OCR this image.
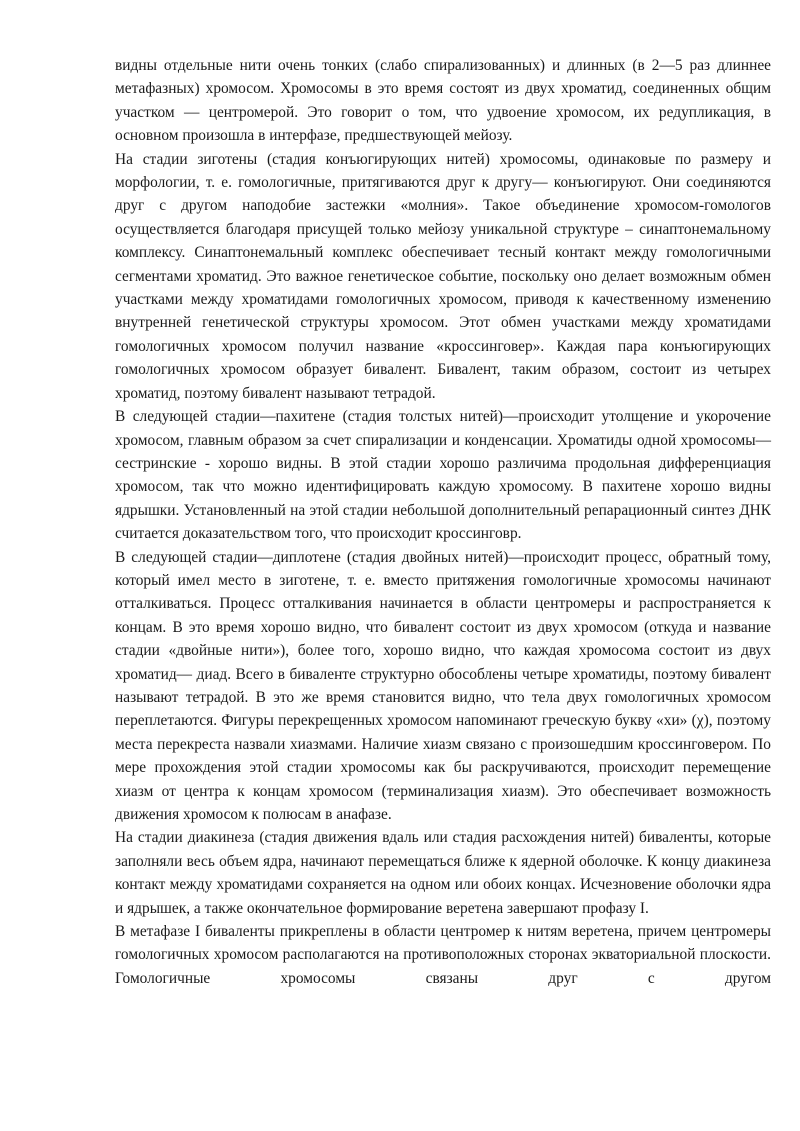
видны отдельные нити очень тонких (слабо спирализованных) и длинных (в 2—5 раз длиннее метафазных) хромосом. Хромосомы в это время состоят из двух хроматид, соединенных общим участком — центромерой. Это говорит о том, что удвоение хромосом, их редупликация, в основном произошла в интерфазе, предшествующей мейозу.

На стадии зиготены (стадия конъюгирующих нитей) хромосомы, одинаковые по размеру и морфологии, т. е. гомологичные, притягиваются друг к другу— конъюгируют. Они соединяются друг с другом наподобие застежки «молния». Такое объединение хромосом-гомологов осуществляется благодаря присущей только мейозу уникальной структуре – синаптонемальному комплексу. Синаптонемальный комплекс обеспечивает тесный контакт между гомологичными сегментами хроматид. Это важное генетическое событие, поскольку оно делает возможным обмен участками между хроматидами гомологичных хромосом, приводя к качественному изменению внутренней генетической структуры хромосом. Этот обмен участками между хроматидами гомологичных хромосом получил название «кроссинговер». Каждая пара конъюгирующих гомологичных хромосом образует бивалент. Бивалент, таким образом, состоит из четырех хроматид, поэтому бивалент называют тетрадой.

В следующей стадии—пахитене (стадия толстых нитей)—происходит утолщение и укорочение хромосом, главным образом за счет спирализации и конденсации. Хроматиды одной хромосомы—сестринские - хорошо видны. В этой стадии хорошо различима продольная дифференциация хромосом, так что можно идентифицировать каждую хромосому. В пахитене хорошо видны ядрышки. Установленный на этой стадии небольшой дополнительный репарационный синтез ДНК считается доказательством того, что происходит кроссинговр.

В следующей стадии—диплотене (стадия двойных нитей)—происходит процесс, обратный тому, который имел место в зиготене, т. е. вместо притяжения гомологичные хромосомы начинают отталкиваться. Процесс отталкивания начинается в области центромеры и распространяется к концам. В это время хорошо видно, что бивалент состоит из двух хромосом (откуда и название стадии «двойные нити»), более того, хорошо видно, что каждая хромосома состоит из двух хроматид— диад. Всего в биваленте структурно обособлены четыре хроматиды, поэтому бивалент называют тетрадой. В это же время становится видно, что тела двух гомологичных хромосом переплетаются. Фигуры перекрещенных хромосом напоминают греческую букву «хи» (χ), поэтому места перекреста назвали хиазмами. Наличие хиазм связано с произошедшим кроссинговером. По мере прохождения этой стадии хромосомы как бы раскручиваются, происходит перемещение хиазм от центра к концам хромосом (терминализация хиазм). Это обеспечивает возможность движения хромосом к полюсам в анафазе.

На стадии диакинеза (стадия движения вдаль или стадия расхождения нитей) биваленты, которые заполняли весь объем ядра, начинают перемещаться ближе к ядерной оболочке. К концу диакинеза контакт между хроматидами сохраняется на одном или обоих концах. Исчезновение оболочки ядра и ядрышек, а также окончательное формирование веретена завершают профазу I.

В метафазе I биваленты прикреплены в области центромер к нитям веретена, причем центромеры гомологичных хромосом располагаются на противоположных сторонах экваториальной плоскости. Гомологичные хромосомы связаны друг с другом
